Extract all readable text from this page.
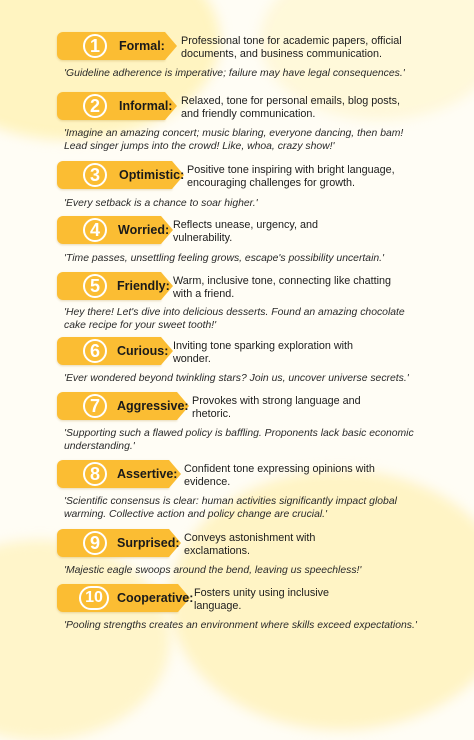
1	Formal: Professional tone for academic papers, official documents, and business communication.
'Guideline adherence is imperative; failure may have legal consequences.'
2	Informal: Relaxed, tone for personal emails, blog posts, and friendly communication.
'Imagine an amazing concert; music blaring, everyone dancing, then bam! Lead singer jumps into the crowd! Like, whoa, crazy show!'
3	Optimistic: Positive tone inspiring with bright language, encouraging challenges for growth.
'Every setback is a chance to soar higher.'
4	Worried: Reflects unease, urgency, and vulnerability.
'Time passes, unsettling feeling grows, escape's possibility uncertain.'
5	Friendly: Warm, inclusive tone, connecting like chatting with a friend.
'Hey there! Let's dive into delicious desserts. Found an amazing chocolate cake recipe for your sweet tooth!'
6	Curious: Inviting tone sparking exploration with wonder.
'Ever wondered beyond twinkling stars? Join us, uncover universe secrets.'
7	Aggressive: Provokes with strong language and rhetoric.
'Supporting such a flawed policy is baffling. Proponents lack basic economic understanding.'
8	Assertive: Confident tone expressing opinions with evidence.
'Scientific consensus is clear: human activities significantly impact global warming. Collective action and policy change are crucial.'
9	Surprised: Conveys astonishment with exclamations.
'Majestic eagle swoops around the bend, leaving us speechless!'
10	Cooperative: Fosters unity using inclusive language.
'Pooling strengths creates an environment where skills exceed expectations.'
